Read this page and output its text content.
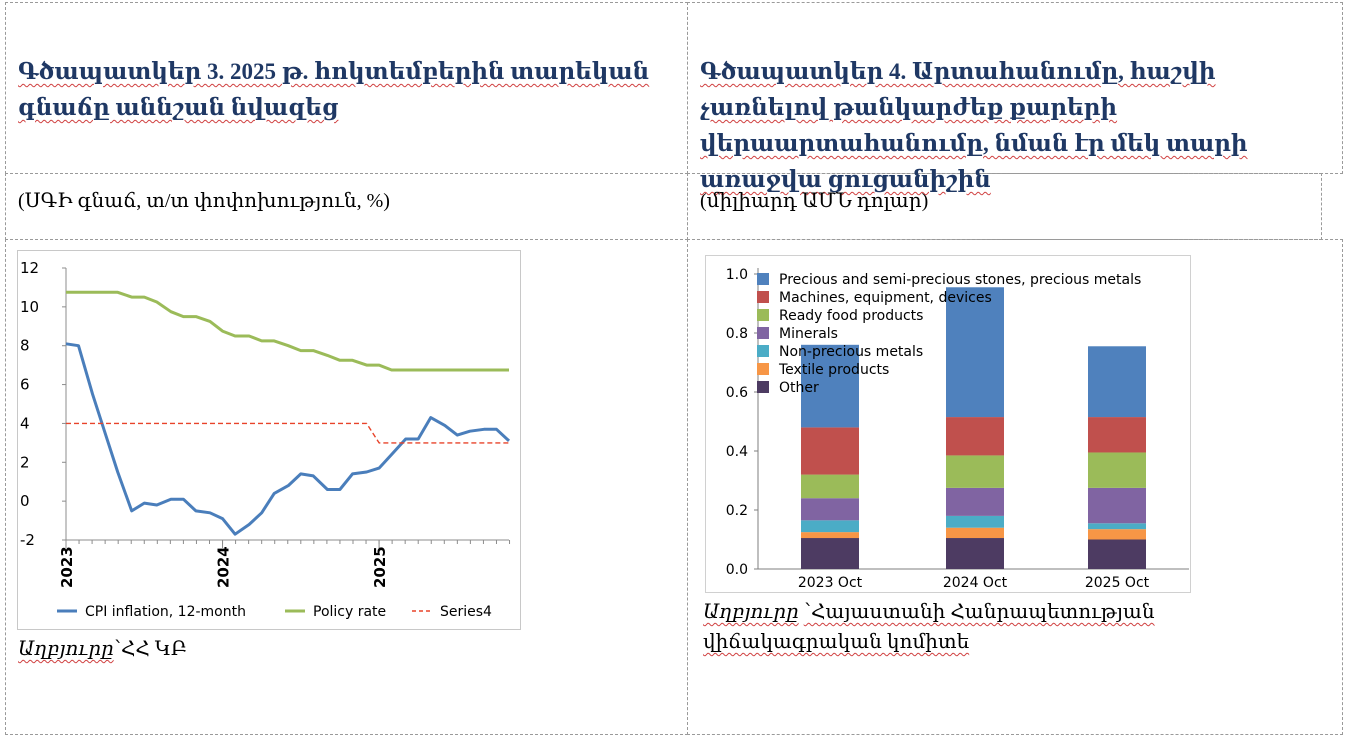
Գծապատկեր 3. 2025 թ. հոկտեմբերին տարեկան գնաճը աննշան նվազեց
Գծապատկեր 4. Արտահանումը, հաշվի չառնելով թանկարժեք քարերի վերաարտահանումը, նման էր մեկ տարի առաջվա ցուցանիշին
(ՍԳԻ գնաճ, տ/տ փոփոխություն, %)	(միլիարդ ԱՄՆ դոլար)
12
10
8
6
4
2
0
-2
2023	2024	2025
CPI inflation, 12-month	Policy rate	Series4
1.0
0.8
0.6
0.4
0.2
0.0
2023 Oct	2024 Oct	2025 Oct
Precious and semi-precious stones, precious metals
Machines, equipment, devices
Ready food products
Minerals
Non-precious metals
Textile products
Other
Աղբյուրը՝ՀՀ ԿԲ
Աղբյուրը ՝Հայաստանի Հանրապետության վիճակագրական կոմիտե
